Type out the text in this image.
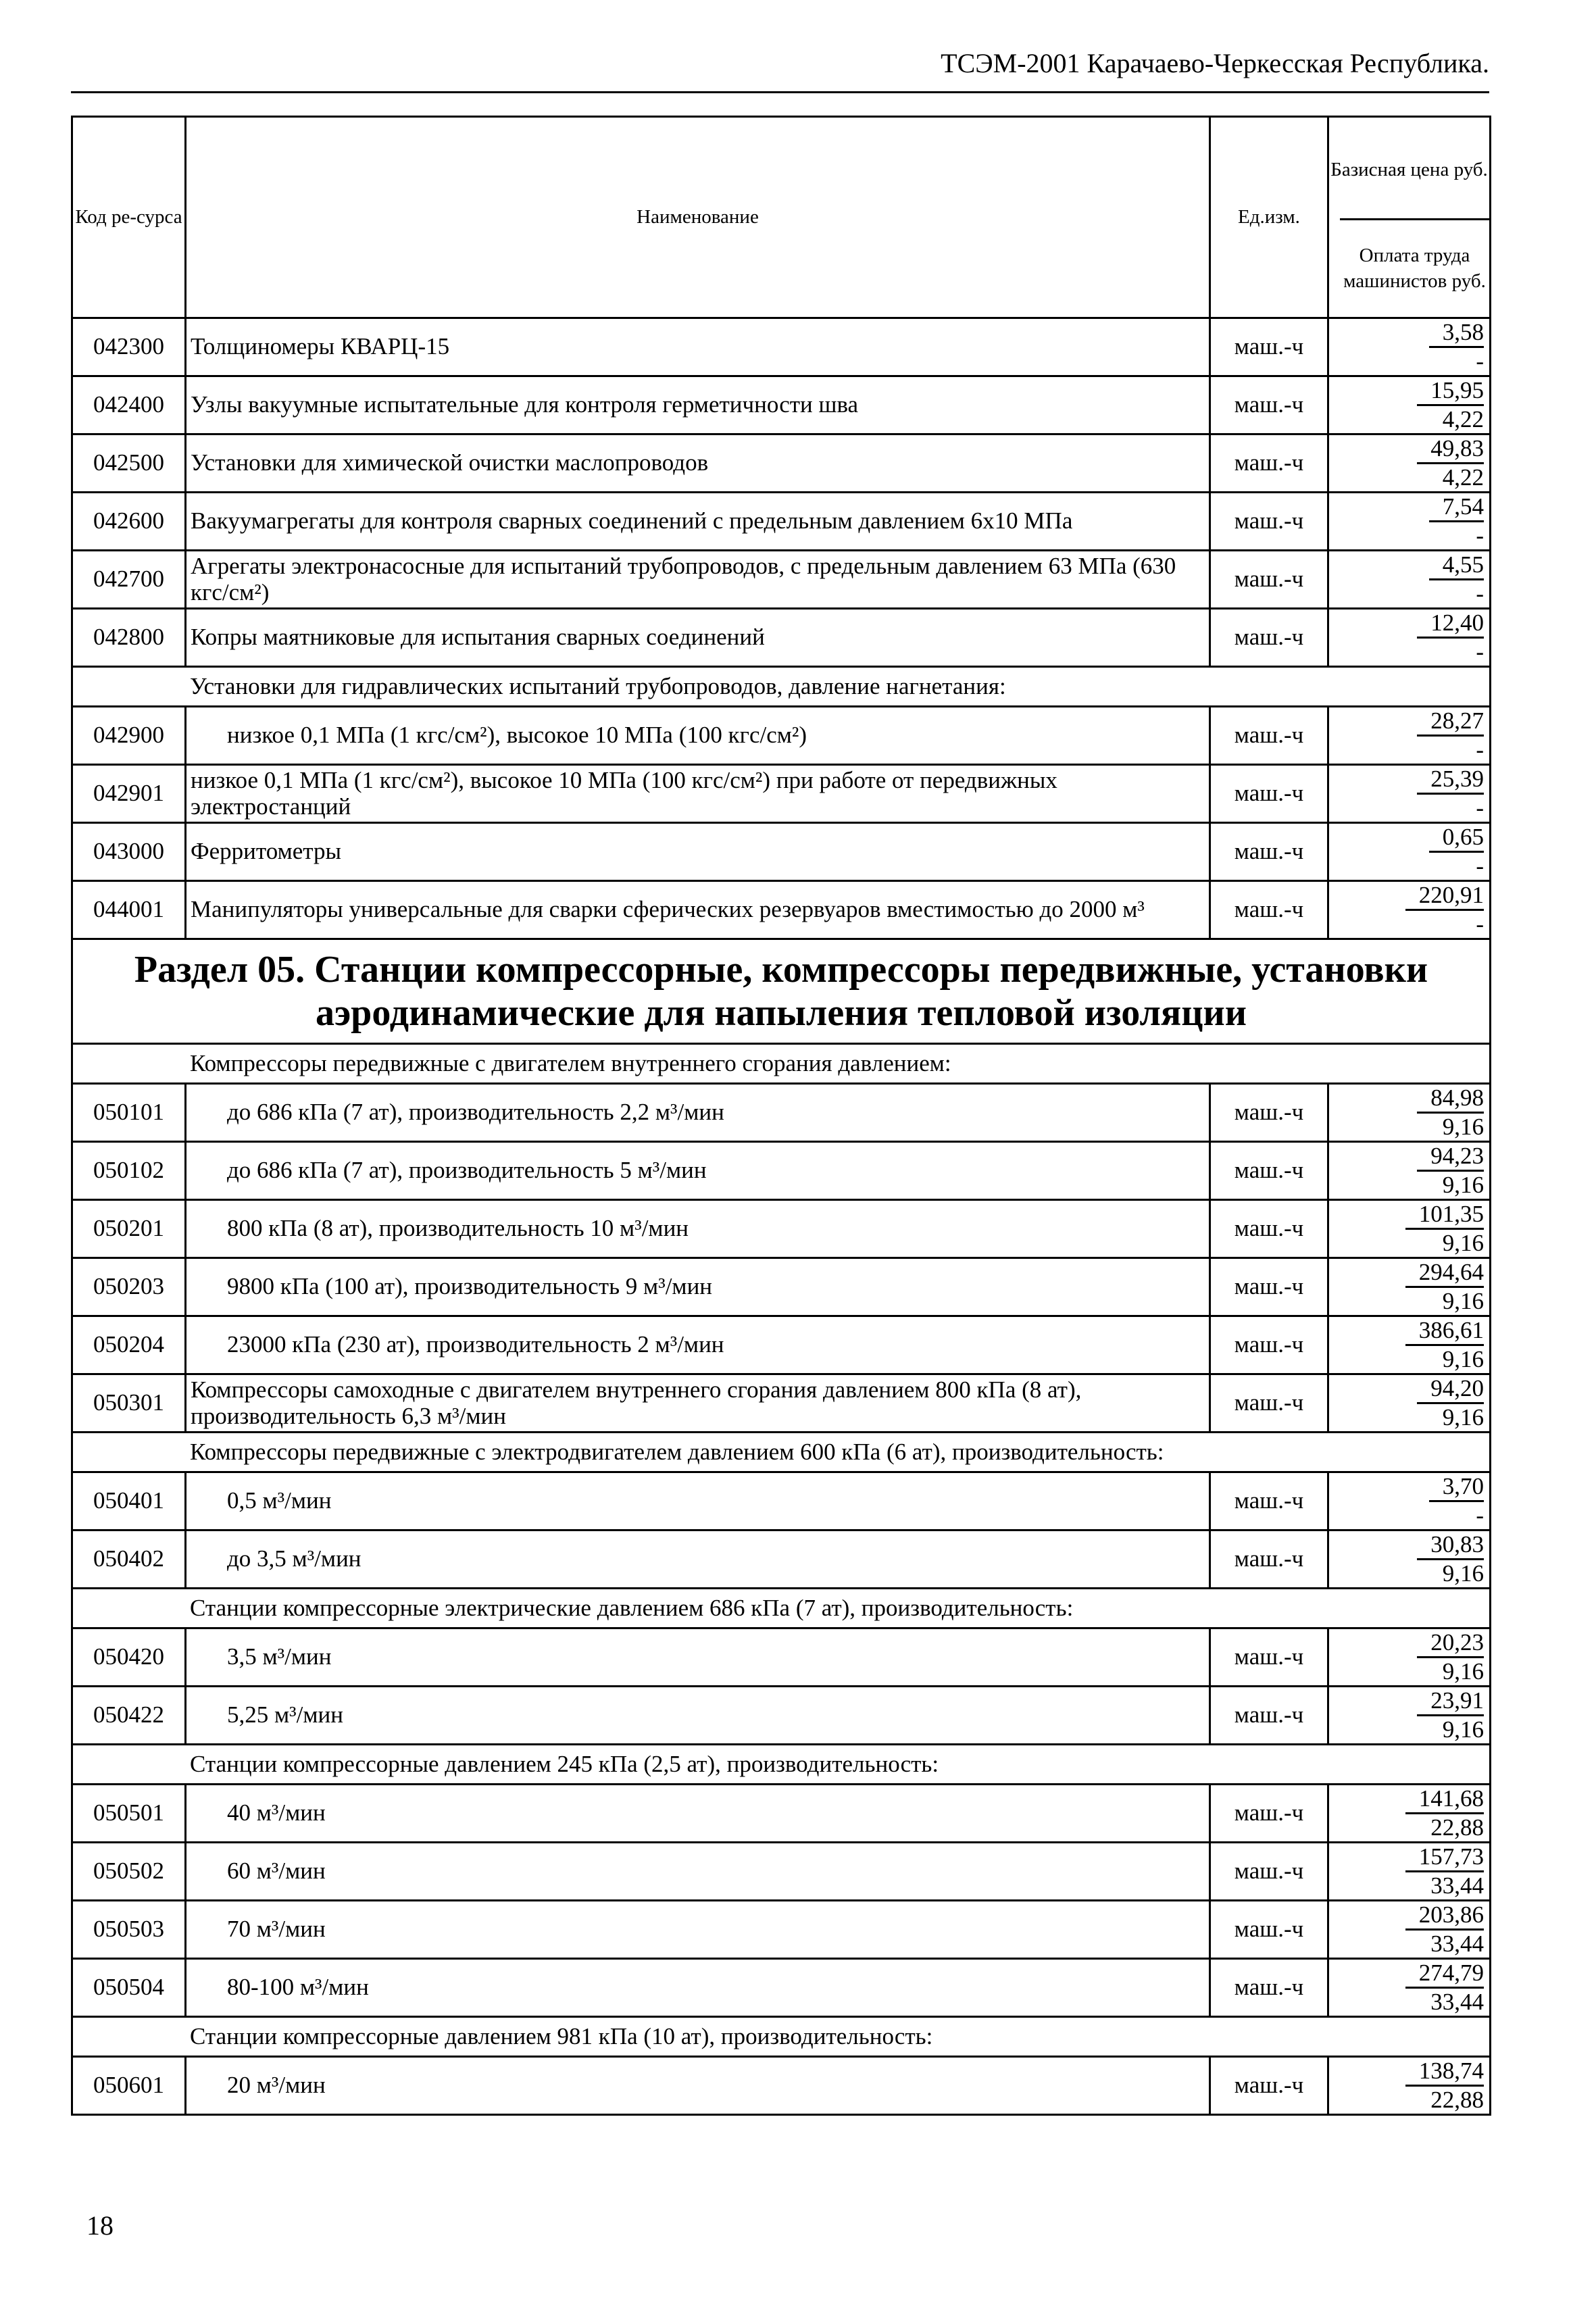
ТСЭМ-2001 Карачаево-Черкесская Республика.
Код ре-сурса	Наименование	Ед.изм.	Базисная цена руб.
Оплата труда машинистов руб.

042300	Толщиномеры КВАРЦ-15	маш.-ч	3,58
-

042400	Узлы вакуумные испытательные для контроля герметичности шва	маш.-ч	15,95
4,22

042500	Установки для химической очистки маслопроводов	маш.-ч	49,83
4,22

042600	Вакуумагрегаты для контроля сварных соединений с предельным давлением 6х10 МПа	маш.-ч	7,54
-

042700	Агрегаты электронасосные для испытаний трубопроводов, с предельным давлением 63 МПа (630 кгс/см²)	маш.-ч	4,55
-

042800	Копры маятниковые для испытания сварных соединений	маш.-ч	12,40
-

Установки для гидравлических испытаний трубопроводов, давление нагнетания:			
042900	низкое 0,1 МПа (1 кгс/см²), высокое 10 МПа (100 кгс/см²)	маш.-ч	28,27
-

042901	низкое 0,1 МПа (1 кгс/см²), высокое 10 МПа (100 кгс/см²) при работе от передвижных электростанций	маш.-ч	25,39
-

043000	Ферритометры	маш.-ч	0,65
-

044001	Манипуляторы универсальные для сварки сферических резервуаров вместимостью до 2000 м³	маш.-ч	220,91
-

Раздел 05. Станции компрессорные, компрессоры передвижные, установки аэродинамические для напыления тепловой изоляции			
Компрессоры передвижные с двигателем внутреннего сгорания давлением:			
050101	до 686 кПа (7 ат), производительность 2,2 м³/мин	маш.-ч	84,98
9,16

050102	до 686 кПа (7 ат), производительность 5 м³/мин	маш.-ч	94,23
9,16

050201	800 кПа (8 ат), производительность 10 м³/мин	маш.-ч	101,35
9,16

050203	9800 кПа (100 ат), производительность 9 м³/мин	маш.-ч	294,64
9,16

050204	23000 кПа (230 ат), производительность 2 м³/мин	маш.-ч	386,61
9,16

050301	Компрессоры самоходные с двигателем внутреннего сгорания давлением 800 кПа (8 ат), производительность 6,3 м³/мин	маш.-ч	94,20
9,16

Компрессоры передвижные с электродвигателем давлением 600 кПа (6 ат), производительность:			
050401	0,5 м³/мин	маш.-ч	3,70
-

050402	до 3,5 м³/мин	маш.-ч	30,83
9,16

Станции компрессорные электрические давлением 686 кПа (7 ат), производительность:			
050420	3,5 м³/мин	маш.-ч	20,23
9,16

050422	5,25 м³/мин	маш.-ч	23,91
9,16

Станции компрессорные давлением 245 кПа (2,5 ат), производительность:			
050501	40 м³/мин	маш.-ч	141,68
22,88

050502	60 м³/мин	маш.-ч	157,73
33,44

050503	70 м³/мин	маш.-ч	203,86
33,44

050504	80-100 м³/мин	маш.-ч	274,79
33,44

Станции компрессорные давлением 981 кПа (10 ат), производительность:			
050601	20 м³/мин	маш.-ч	138,74
22,88
18
